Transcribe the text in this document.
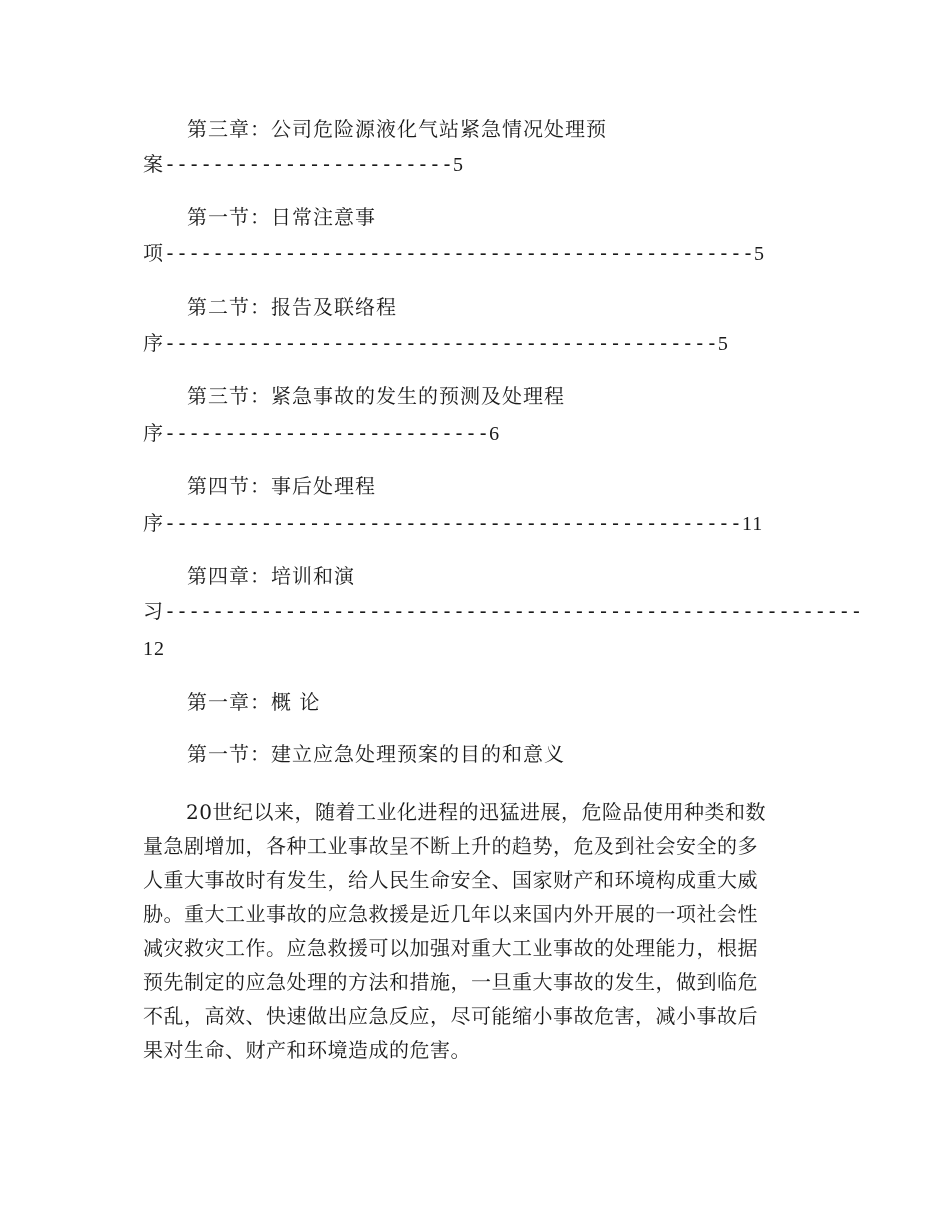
第三章：公司危险源液化气站紧急情况处理预
案------------------------5
第一节：日常注意事
项-------------------------------------------------5
第二节：报告及联络程
序----------------------------------------------5
第三节：紧急事故的发生的预测及处理程
序---------------------------6
第四节：事后处理程
序------------------------------------------------11
第四章：培训和演
习----------------------------------------------------------
12
第一章：概 论
第一节：建立应急处理预案的目的和意义
20世纪以来，随着工业化进程的迅猛进展，危险品使用种类和数
量急剧增加，各种工业事故呈不断上升的趋势，危及到社会安全的多
人重大事故时有发生，给人民生命安全、国家财产和环境构成重大威
胁。重大工业事故的应急救援是近几年以来国内外开展的一项社会性
减灾救灾工作。应急救援可以加强对重大工业事故的处理能力，根据
预先制定的应急处理的方法和措施，一旦重大事故的发生，做到临危
不乱，高效、快速做出应急反应，尽可能缩小事故危害，减小事故后
果对生命、财产和环境造成的危害。
